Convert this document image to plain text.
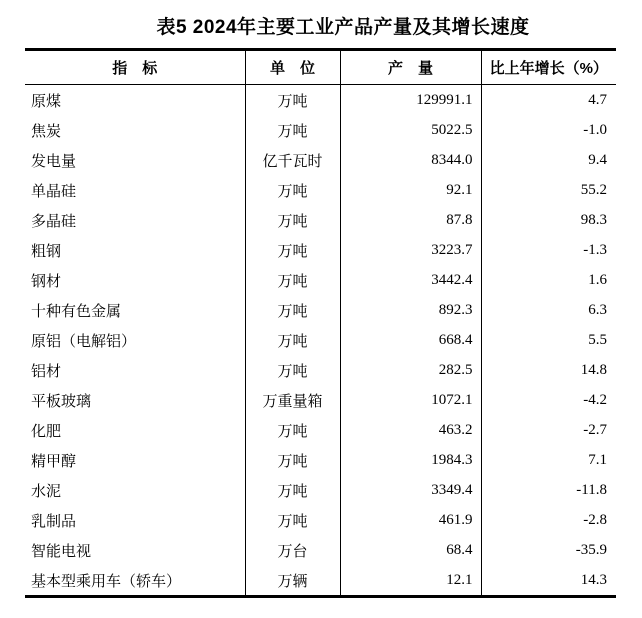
表5 2024年主要工业产品产量及其增长速度
指　标	单　位	产　量	比上年增长（%）
原煤	万吨	129991.1	4.7
焦炭	万吨	5022.5	-1.0
发电量	亿千瓦时	8344.0	9.4
单晶硅	万吨	92.1	55.2
多晶硅	万吨	87.8	98.3
粗钢	万吨	3223.7	-1.3
钢材	万吨	3442.4	1.6
十种有色金属	万吨	892.3	6.3
原铝（电解铝）	万吨	668.4	5.5
铝材	万吨	282.5	14.8
平板玻璃	万重量箱	1072.1	-4.2
化肥	万吨	463.2	-2.7
精甲醇	万吨	1984.3	7.1
水泥	万吨	3349.4	-11.8
乳制品	万吨	461.9	-2.8
智能电视	万台	68.4	-35.9
基本型乘用车（轿车）	万辆	12.1	14.3
